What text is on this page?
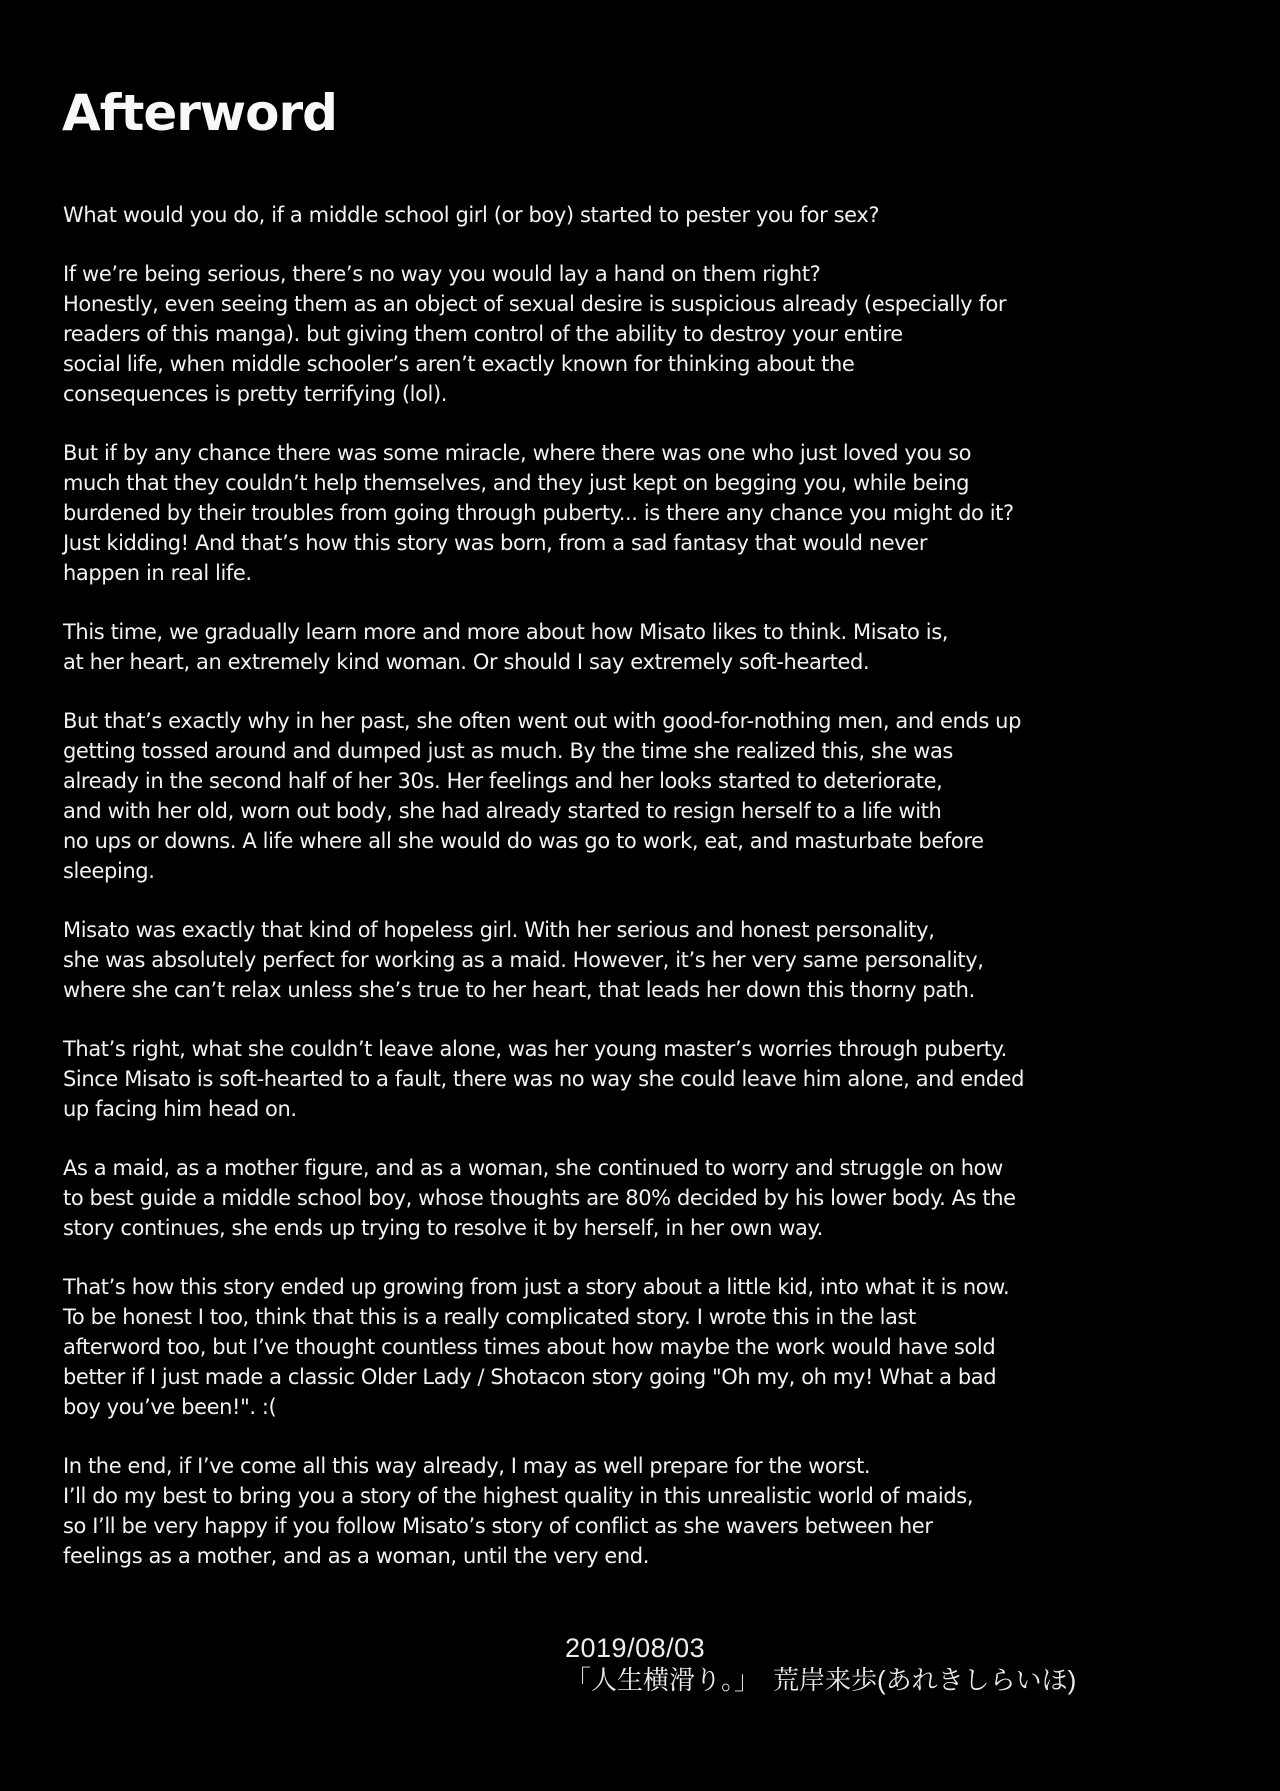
Afterword

What would you do, if a middle school girl (or boy) started to pester you for sex?

If we’re being serious, there’s no way you would lay a hand on them right?
Honestly, even seeing them as an object of sexual desire is suspicious already (especially for
readers of this manga). but giving them control of the ability to destroy your entire
social life, when middle schooler’s aren’t exactly known for thinking about the
consequences is pretty terrifying (lol).

But if by any chance there was some miracle, where there was one who just loved you so
much that they couldn’t help themselves, and they just kept on begging you, while being
burdened by their troubles from going through puberty... is there any chance you might do it?
Just kidding! And that’s how this story was born, from a sad fantasy that would never
happen in real life.

This time, we gradually learn more and more about how Misato likes to think. Misato is,
at her heart, an extremely kind woman. Or should I say extremely soft-hearted.

But that’s exactly why in her past, she often went out with good-for-nothing men, and ends up
getting tossed around and dumped just as much. By the time she realized this, she was
already in the second half of her 30s. Her feelings and her looks started to deteriorate,
and with her old, worn out body, she had already started to resign herself to a life with
no ups or downs. A life where all she would do was go to work, eat, and masturbate before
sleeping.

Misato was exactly that kind of hopeless girl. With her serious and honest personality,
she was absolutely perfect for working as a maid. However, it’s her very same personality,
where she can’t relax unless she’s true to her heart, that leads her down this thorny path.

That’s right, what she couldn’t leave alone, was her young master’s worries through puberty.
Since Misato is soft-hearted to a fault, there was no way she could leave him alone, and ended
up facing him head on.

As a maid, as a mother figure, and as a woman, she continued to worry and struggle on how
to best guide a middle school boy, whose thoughts are 80% decided by his lower body. As the
story continues, she ends up trying to resolve it by herself, in her own way.

That’s how this story ended up growing from just a story about a little kid, into what it is now.
To be honest I too, think that this is a really complicated story. I wrote this in the last
afterword too, but I’ve thought countless times about how maybe the work would have sold
better if I just made a classic Older Lady / Shotacon story going "Oh my, oh my! What a bad
boy you’ve been!". :(

In the end, if I’ve come all this way already, I may as well prepare for the worst.
I’ll do my best to bring you a story of the highest quality in this unrealistic world of maids,
so I’ll be very happy if you follow Misato’s story of conflict as she wavers between her
feelings as a mother, and as a woman, until the very end.

2019/08/03
「人生横滑り。」　荒岸来歩(あれきしらいほ)
